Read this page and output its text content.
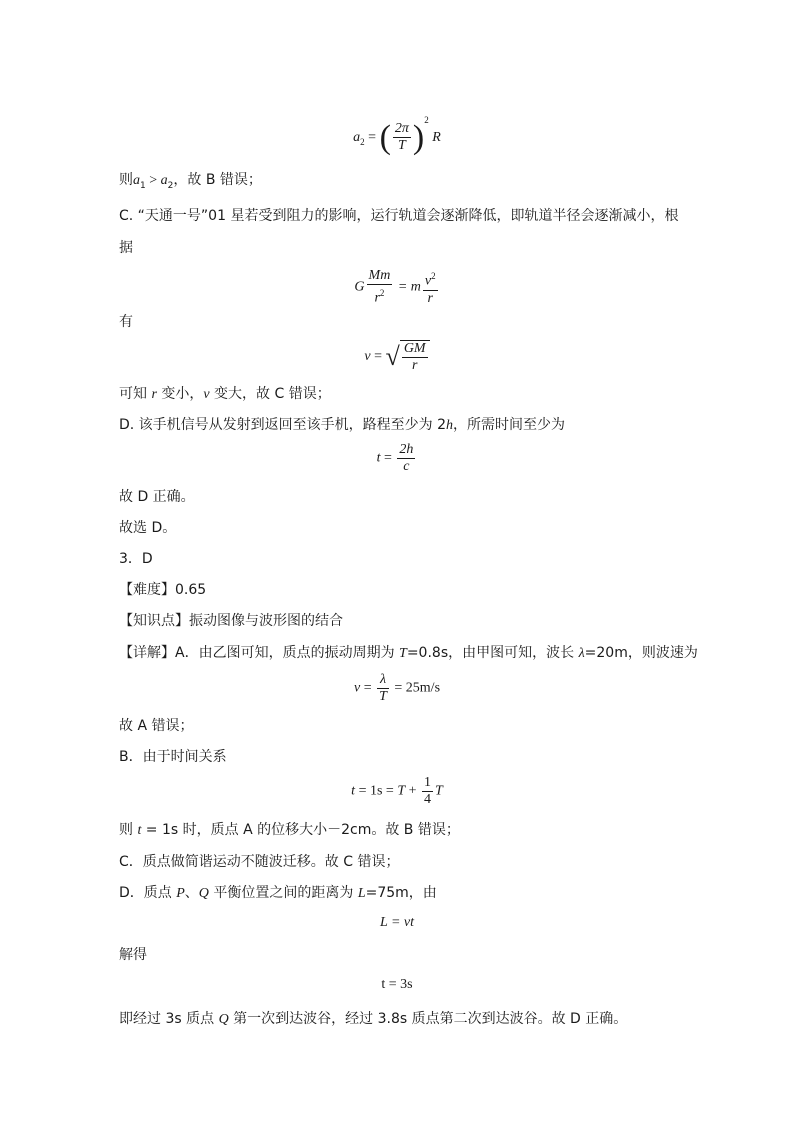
$a_2$ = ( $\frac{2\pi}{T} )^2$ R
则$a_1 > a_2$，故 B 错误；
C. “天通一号”01 星若受到阻力的影响，运行轨道会逐渐降低，即轨道半径会逐渐减小，根
据
G $\frac{Mm}{r^2} = m \frac{v^2}{r}$
有
v = √ $\frac{GM}{r}$
可知 r 变小，v 变大，故 C 错误；
D. 该手机信号从发射到返回至该手机，路程至少为 2h，所需时间至少为
$t = \frac{2h}{c}$
故 D 正确。
故选 D。
3．D
【难度】0.65
【知识点】振动图像与波形图的结合
【详解】A．由乙图可知，质点的振动周期为 T=0.8s，由甲图可知，波长 λ=20m，则波速为
$v = \frac{\lambda}{T} = 25m/s$
故 A 错误；
B．由于时间关系
$t = 1s = T + \frac{1}{4}$ T
则 t = 1s 时，质点 A 的位移大小－2cm。故 B 错误；
C．质点做简谐运动不随波迁移。故 C 错误；
D．质点 P、Q 平衡位置之间的距离为 L=75m，由
L = vt
解得
t = 3s
即经过 3s 质点 Q 第一次到达波谷，经过 3.8s 质点第二次到达波谷。故 D 正确。
